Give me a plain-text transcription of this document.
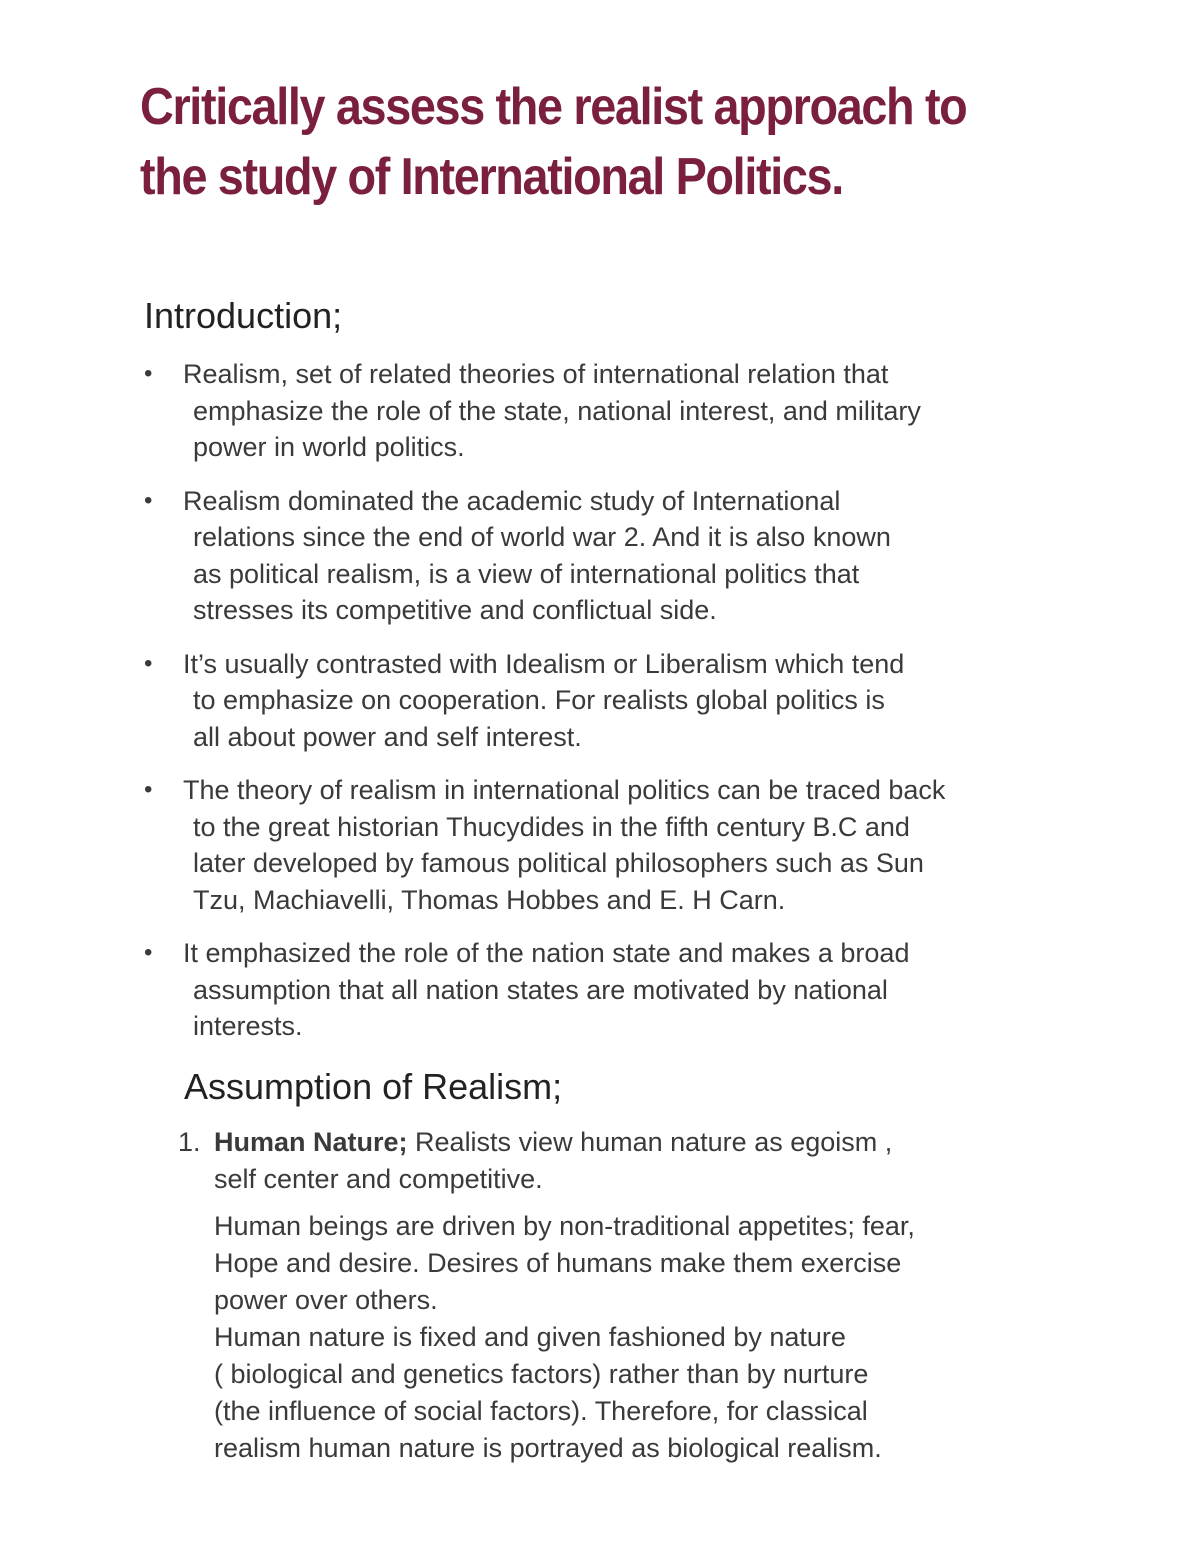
Critically assess the realist approach to
the study of International Politics.
Introduction;
•	Realism, set of related theories of international relation that
emphasize the role of the state, national interest, and military
power in world politics.
•	Realism dominated the academic study of International
relations since the end of world war 2. And it is also known
as political realism, is a view of international politics that
stresses its competitive and conflictual side.
•	It’s usually contrasted with Idealism or Liberalism which tend
to emphasize on cooperation. For realists global politics is
all about power and self interest.
•	The theory of realism in international politics can be traced back
to the great historian Thucydides in the fifth century B.C and
later developed by famous political philosophers such as Sun
Tzu, Machiavelli, Thomas Hobbes and E. H Carn.
•	It emphasized the role of the nation state and makes a broad
assumption that all nation states are motivated by national
interests.
Assumption of Realism;
1. Human Nature; Realists view human nature as egoism ,
self center and competitive.
Human beings are driven by non-traditional appetites; fear,
Hope and desire. Desires of humans make them exercise
power over others.
Human nature is fixed and given fashioned by nature
( biological and genetics factors) rather than by nurture
(the influence of social factors). Therefore, for classical
realism human nature is portrayed as biological realism.
